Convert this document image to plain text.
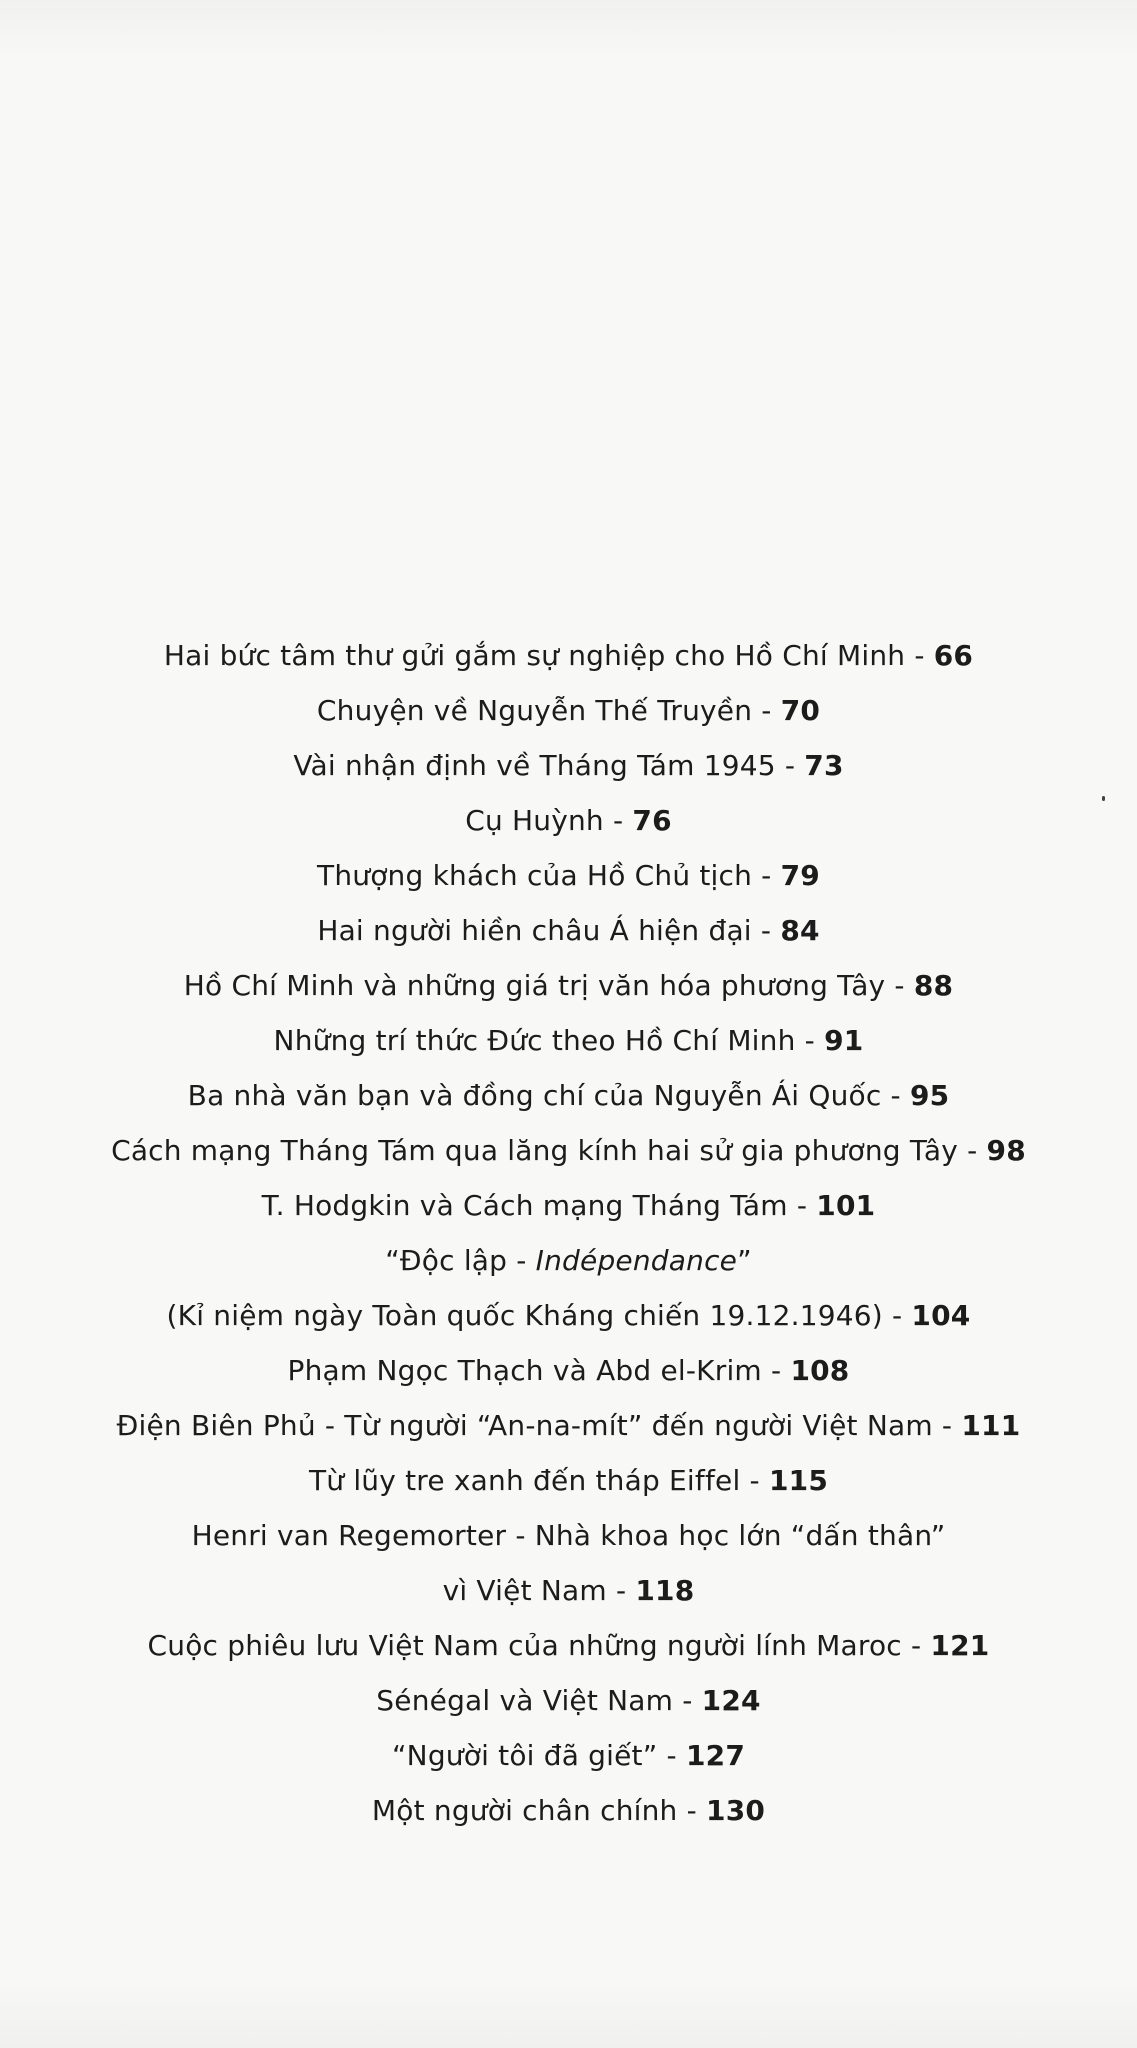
Hai bức tâm thư gửi gắm sự nghiệp cho Hồ Chí Minh - 66
Chuyện về Nguyễn Thế Truyền - 70
Vài nhận định về Tháng Tám 1945 - 73
Cụ Huỳnh - 76
Thượng khách của Hồ Chủ tịch - 79
Hai người hiền châu Á hiện đại - 84
Hồ Chí Minh và những giá trị văn hóa phương Tây - 88
Những trí thức Đức theo Hồ Chí Minh - 91
Ba nhà văn bạn và đồng chí của Nguyễn Ái Quốc - 95
Cách mạng Tháng Tám qua lăng kính hai sử gia phương Tây - 98
T. Hodgkin và Cách mạng Tháng Tám - 101
“Độc lập - Indépendance”
(Kỉ niệm ngày Toàn quốc Kháng chiến 19.12.1946) - 104
Phạm Ngọc Thạch và Abd el-Krim - 108
Điện Biên Phủ - Từ người “An-na-mít” đến người Việt Nam - 111
Từ lũy tre xanh đến tháp Eiffel - 115
Henri van Regemorter - Nhà khoa học lớn “dấn thân”
vì Việt Nam - 118
Cuộc phiêu lưu Việt Nam của những người lính Maroc - 121
Sénégal và Việt Nam - 124
“Người tôi đã giết” - 127
Một người chân chính - 130
